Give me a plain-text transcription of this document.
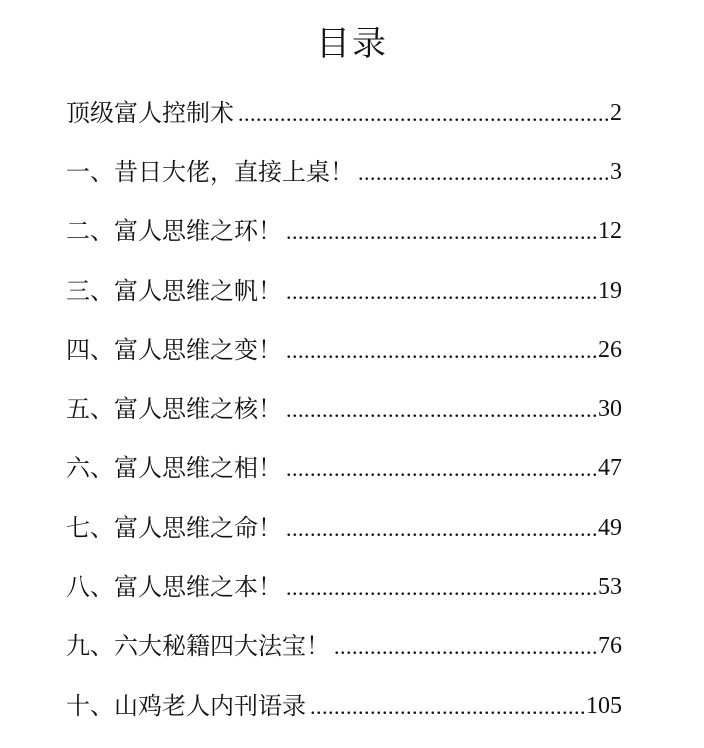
目录
顶级富人控制术 .....	2
一、昔日大佬，直接上桌！ .....	3
二、富人思维之环！ .....	12
三、富人思维之帆！ .....	19
四、富人思维之变！ .....	26
五、富人思维之核！ .....	30
六、富人思维之相！ .....	47
七、富人思维之命！ .....	49
八、富人思维之本！ .....	53
九、六大秘籍四大法宝！ .....	76
十、山鸡老人内刊语录 .....	105
